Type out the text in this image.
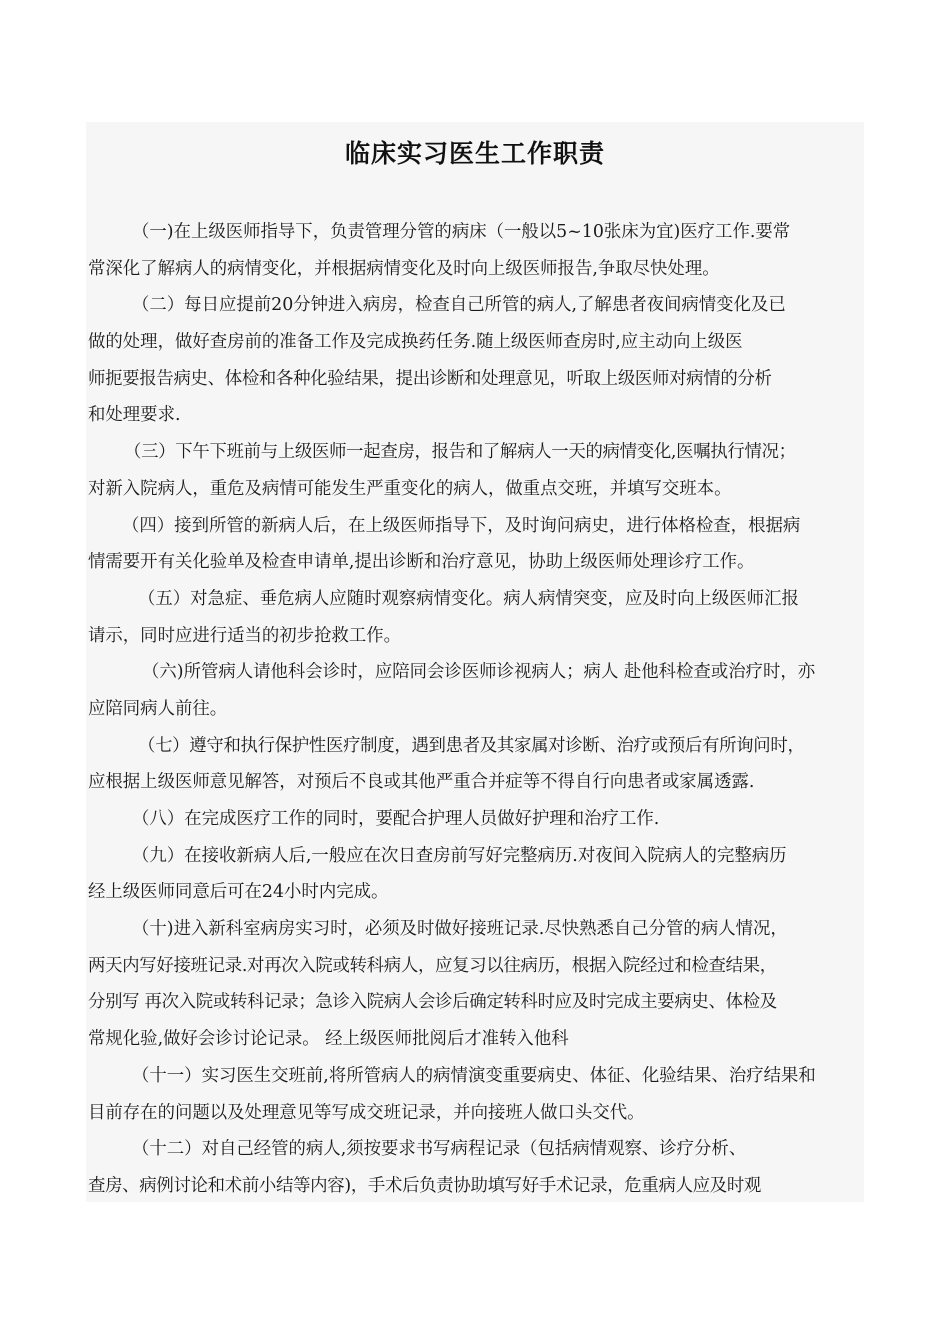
临床实习医生工作职责
（一)在上级医师指导下，负责管理分管的病床（一般以5~10张床为宜)医疗工作.要常
常深化了解病人的病情变化，并根据病情变化及时向上级医师报告,争取尽快处理。
（二）每日应提前20分钟进入病房，检查自己所管的病人,了解患者夜间病情变化及已
做的处理，做好查房前的准备工作及完成换药任务.随上级医师查房时,应主动向上级医
师扼要报告病史、体检和各种化验结果，提出诊断和处理意见，听取上级医师对病情的分析
和处理要求.
（三）下午下班前与上级医师一起查房，报告和了解病人一天的病情变化,医嘱执行情况；
对新入院病人，重危及病情可能发生严重变化的病人，做重点交班，并填写交班本。
（四）接到所管的新病人后，在上级医师指导下，及时询问病史，进行体格检查，根据病
情需要开有关化验单及检查申请单,提出诊断和治疗意见，协助上级医师处理诊疗工作。
（五）对急症、垂危病人应随时观察病情变化。病人病情突变，应及时向上级医师汇报
请示，同时应进行适当的初步抢救工作。
（六)所管病人请他科会诊时，应陪同会诊医师诊视病人；病人 赴他科检查或治疗时，亦
应陪同病人前往。
（七）遵守和执行保护性医疗制度，遇到患者及其家属对诊断、治疗或预后有所询问时，
应根据上级医师意见解答，对预后不良或其他严重合并症等不得自行向患者或家属透露.
（八）在完成医疗工作的同时，要配合护理人员做好护理和治疗工作.
（九）在接收新病人后,一般应在次日查房前写好完整病历.对夜间入院病人的完整病历
经上级医师同意后可在24小时内完成。
（十)进入新科室病房实习时，必须及时做好接班记录.尽快熟悉自己分管的病人情况，
两天内写好接班记录.对再次入院或转科病人，应复习以往病历，根据入院经过和检查结果，
分别写 再次入院或转科记录；急诊入院病人会诊后确定转科时应及时完成主要病史、体检及
常规化验,做好会诊讨论记录。 经上级医师批阅后才准转入他科
（十一）实习医生交班前,将所管病人的病情演变重要病史、体征、化验结果、治疗结果和
目前存在的问题以及处理意见等写成交班记录，并向接班人做口头交代。
（十二）对自己经管的病人,须按要求书写病程记录（包括病情观察、诊疗分析、
查房、病例讨论和术前小结等内容)，手术后负责协助填写好手术记录，危重病人应及时观
